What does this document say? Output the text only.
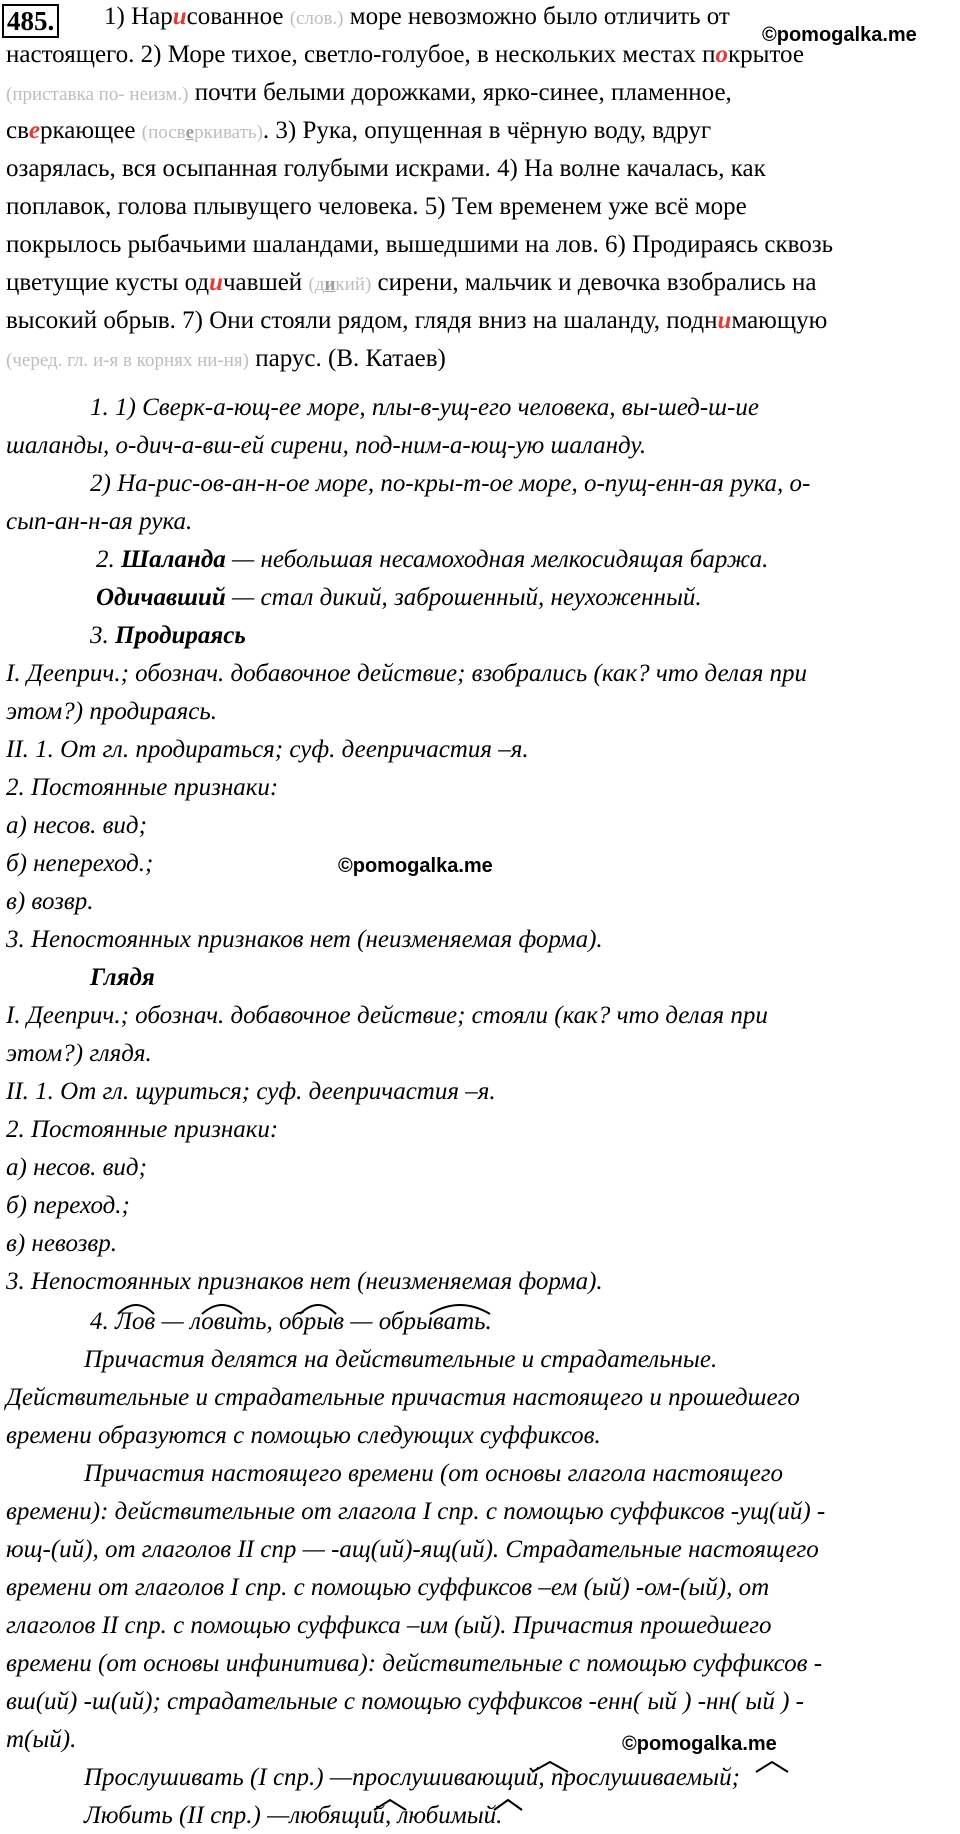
485.	©pomogalka.me
1) Нарисованное (слов.) море невозможно было отличить от
настоящего. 2) Море тихое, светло-голубое, в нескольких местах покрытое
(приставка по- неизм.) почти белыми дорожками, ярко-синее, пламенное,
сверкающее (посверкивать). 3) Рука, опущенная в чёрную воду, вдруг
озарялась, вся осыпанная голубыми искрами. 4) На волне качалась, как
поплавок, голова плывущего человека. 5) Тем временем уже всё море
покрылось рыбачьими шаландами, вышедшими на лов. 6) Продираясь сквозь
цветущие кусты одичавшей (дикий) сирени, мальчик и девочка взобрались на
высокий обрыв. 7) Они стояли рядом, глядя вниз на шаланду, поднимающую
(черед. гл. и-я в корнях ни-ня) парус. (В. Катаев)
1. 1) Сверк-а-ющ-ее море, плы-в-ущ-его человека, вы-шед-ш-ие
шаланды, о-дич-а-вш-ей сирени, под-ним-а-ющ-ую шаланду.
2) На-рис-ов-ан-н-ое море, по-кры-т-ое море, о-пущ-енн-ая рука, о-
сып-ан-н-ая рука.
2. Шаланда — небольшая несамоходная мелкосидящая баржа.
Одичавший — стал дикий, заброшенный, неухоженный.
3. Продираясь
I. Дееприч.; обознач. добавочное действие; взобрались (как? что делая при
этом?) продираясь.
II. 1. От гл. продираться; суф. деепричастия –я.
2. Постоянные признаки:
а) несов. вид;
б) непереход.;	©pomogalka.me
в) возвр.
3. Непостоянных признаков нет (неизменяемая форма).
Глядя
I. Дееприч.; обознач. добавочное действие; стояли (как? что делая при
этом?) глядя.
II. 1. От гл. щуриться; суф. деепричастия –я.
2. Постоянные признаки:
а) несов. вид;
б) переход.;
в) невозвр.
3. Непостоянных признаков нет (неизменяемая форма).
4. Лов — ловить, обрыв — обрывать.
Причастия делятся на действительные и страдательные.
Действительные и страдательные причастия настоящего и прошедшего
времени образуются с помощью следующих суффиксов.
Причастия настоящего времени (от основы глагола настоящего
времени): действительные от глагола I спр. с помощью суффиксов -ущ(ий) -
ющ-(ий), от глаголов II спр — -ащ(ий)-ящ(ий). Страдательные настоящего
времени от глаголов I спр. с помощью суффиксов –ем (ый) -ом-(ый), от
глаголов II спр. с помощью суффикса –им (ый). Причастия прошедшего
времени (от основы инфинитива): действительные с помощью суффиксов -
вш(ий) -ш(ий); страдательные с помощью суффиксов -енн( ый ) -нн( ый ) -
т(ый).	©pomogalka.me
Прослушивать (I спр.) —прослушивающий, прослушиваемый;
Любить (II спр.) —любящий, любимый.
